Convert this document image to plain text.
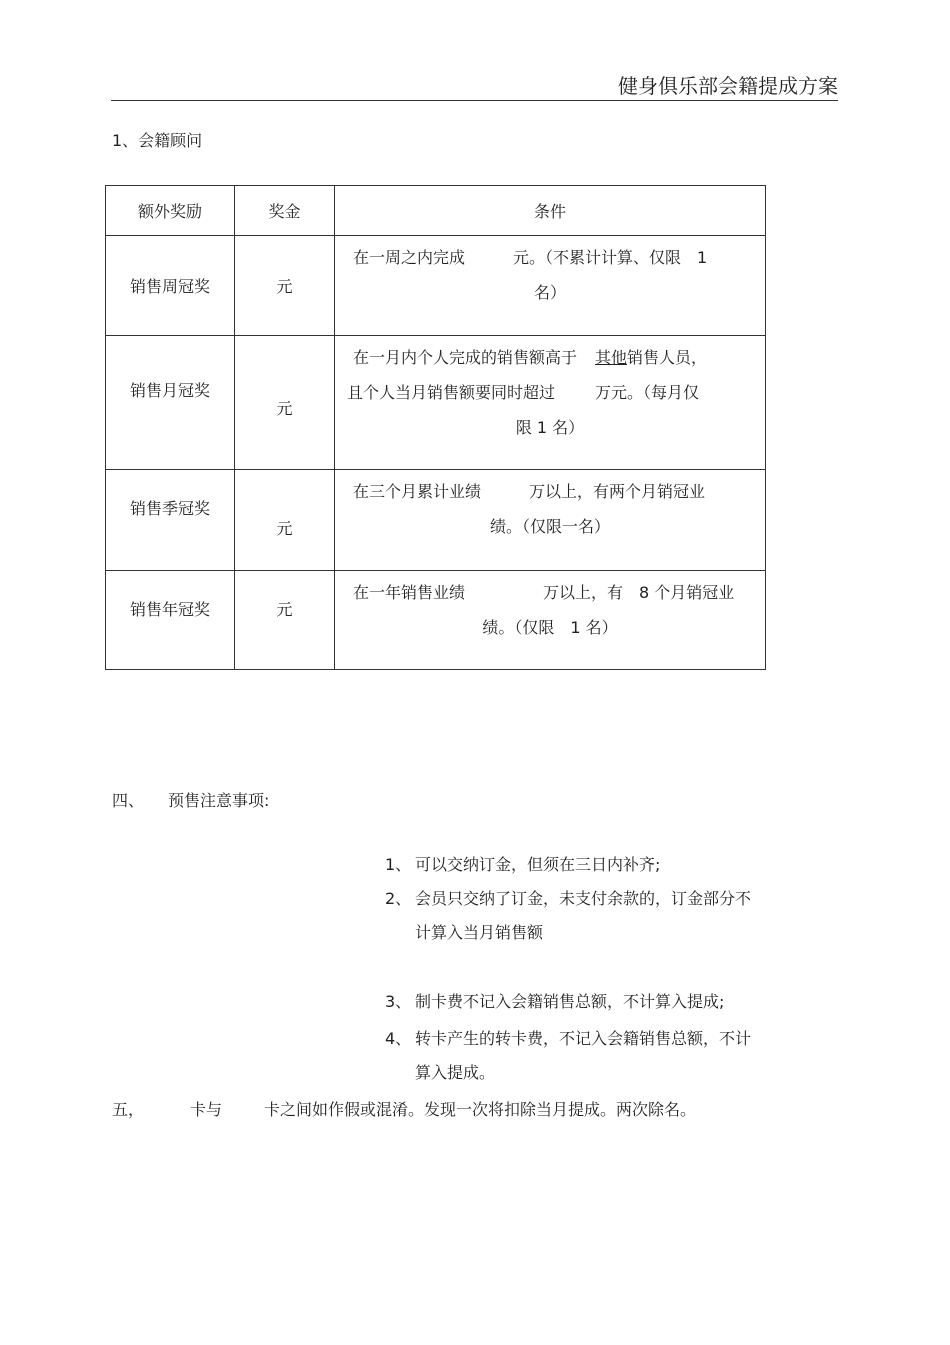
健身俱乐部会籍提成方案
1、会籍顾问
额外奖励	奖金	条件
销售周冠奖	元	在一周之内完成 元。（不累计计算、仅限　1
名）

销售月冠奖	元	在一月内个人完成的销售额高于 其他销售人员，
且个人当月销售额要同时超过 万元。（每月仅
限 1 名）

销售季冠奖	元	在三个月累计业绩 万以上，有两个月销冠业
绩。（仅限一名）

销售年冠奖	元	在一年销售业绩 万以上，有　8 个月销冠业
绩。（仅限　1 名）
四、　　预售注意事项:
1、 可以交纳订金，但须在三日内补齐;
2、 会员只交纳了订金，未支付余款的，订金部分不
计算入当月销售额
3、 制卡费不记入会籍销售总额，不计算入提成;
4、 转卡产生的转卡费，不记入会籍销售总额，不计
算入提成。
五，	卡与	卡之间如作假或混淆。发现一次将扣除当月提成。两次除名。
